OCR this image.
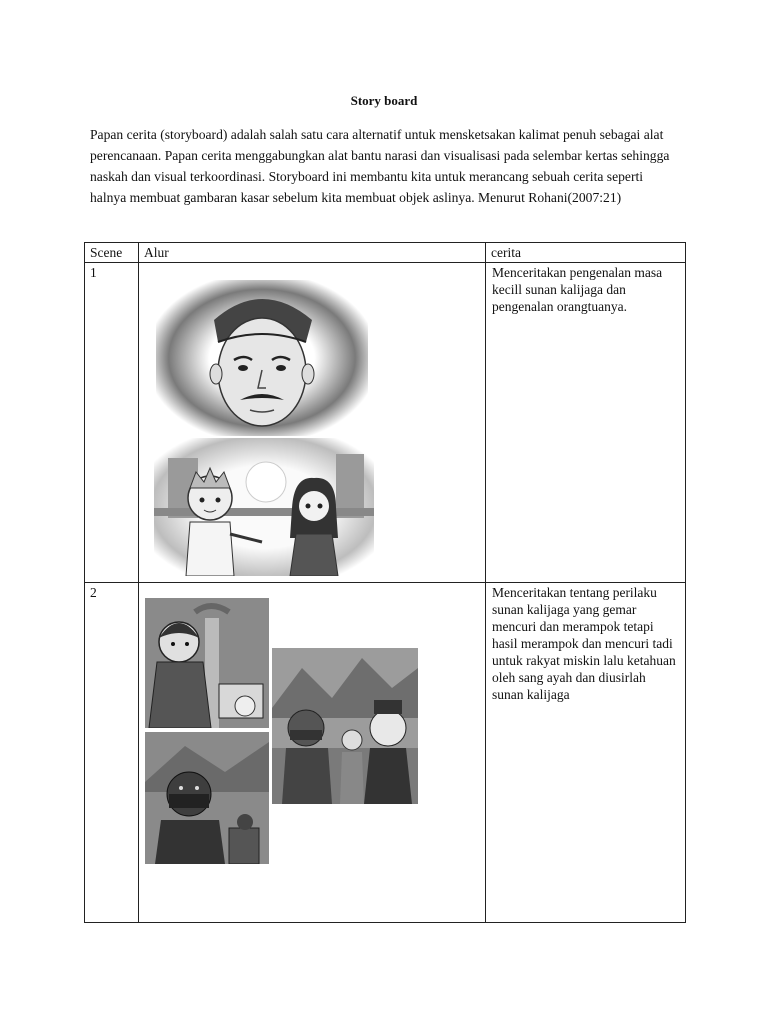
Story board

Papan cerita (storyboard) adalah salah satu cara alternatif untuk mensketsakan kalimat penuh sebagai alat perencanaan. Papan cerita menggabungkan alat bantu narasi dan visualisasi pada selembar kertas sehingga naskah dan visual terkoordinasi. Storyboard ini membantu kita untuk merancang sebuah cerita seperti halnya membuat gambaran kasar sebelum kita membuat objek aslinya. Menurut Rohani(2007:21)

Scene	Alur	cerita
1		Menceritakan pengenalan masa kecill sunan kalijaga dan pengenalan orangtuanya.
2		Menceritakan tentang perilaku sunan kalijaga yang gemar mencuri dan merampok tetapi hasil merampok dan mencuri tadi untuk rakyat miskin lalu ketahuan oleh sang ayah dan diusirlah sunan kalijaga
